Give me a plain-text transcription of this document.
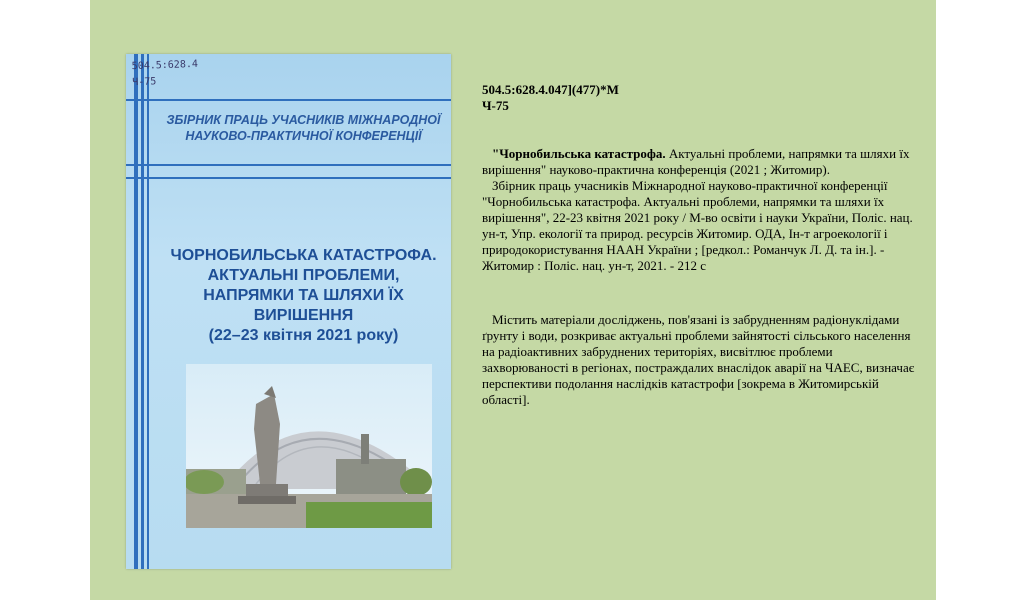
504.5:628.4
Ч-75
ЗБІРНИК ПРАЦЬ УЧАСНИКІВ МІЖНАРОДНОЇ
НАУКОВО-ПРАКТИЧНОЇ КОНФЕРЕНЦІЇ
ЧОРНОБИЛЬСЬКА КАТАСТРОФА.
АКТУАЛЬНІ ПРОБЛЕМИ,
НАПРЯМКИ ТА ШЛЯХИ ЇХ ВИРІШЕННЯ
(22–23 квітня 2021 року)

504.5:628.4.047](477)*М

Ч-75

"Чорнобильська катастрофа. Актуальні проблеми, напрямки та шляхи їх вирішення" науково-практична конференція (2021 ; Житомир).

Збірник праць учасників Міжнародної науково-практичної конференції "Чорнобильська катастрофа. Актуальні проблеми, напрямки та шляхи їх вирішення", 22-23 квітня 2021 року / М-во освіти і науки України, Поліс. нац. ун-т, Упр. екології та природ. ресурсів Житомир. ОДА, Ін-т агроекології і природокористування НААН України ; [редкол.: Романчук Л. Д. та ін.]. - Житомир : Поліс. нац. ун-т, 2021. - 212 с

Містить матеріали досліджень, пов'язані із забрудненням радіонуклідами ґрунту і води, розкриває актуальні проблеми зайнятості сільського населення на радіоактивних забруднених територіях, висвітлює проблеми захворюваності в регіонах, постраждалих внаслідок аварії на ЧАЕС, визначає перспективи подолання наслідків катастрофи [зокрема в Житомирській області].
